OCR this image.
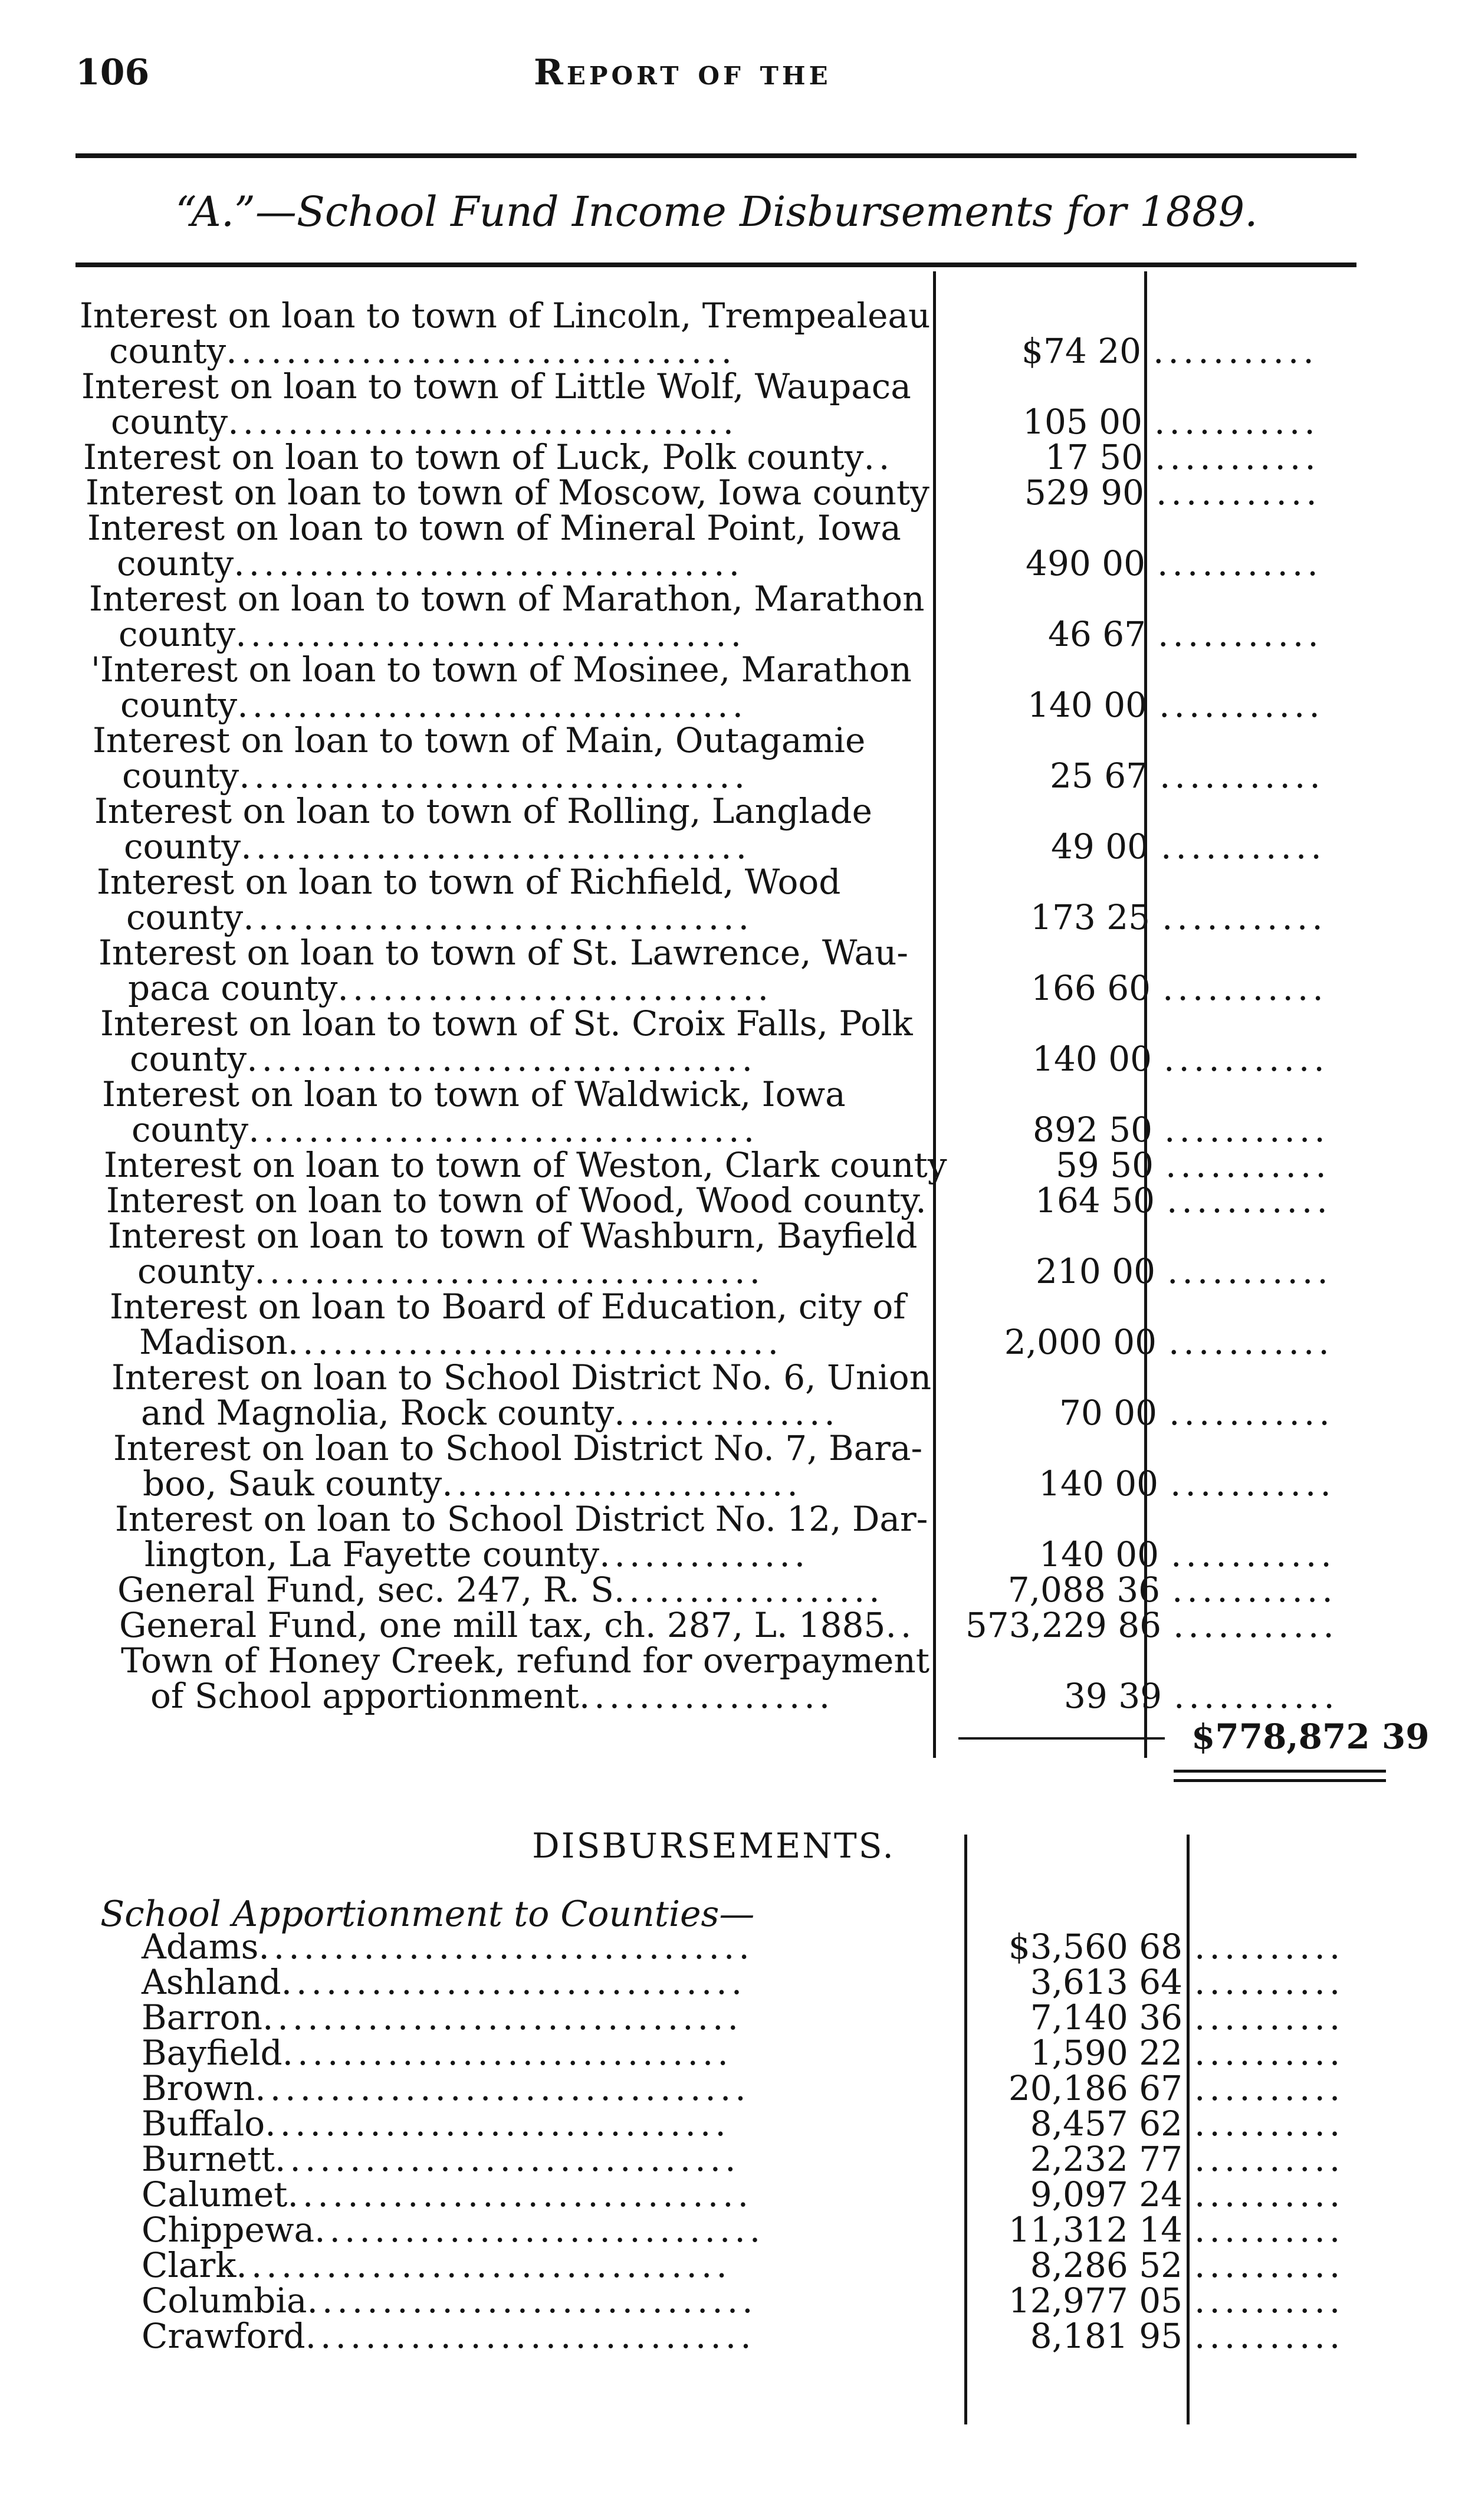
106	Report of the
“A.”—School Fund Income Disbursements for 1889.
Interest on loan to town of Lincoln, Trempealeau
county..................................	$74 20 ...........
Interest on loan to town of Little Wolf, Waupaca
county..................................	105 00 ...........
Interest on loan to town of Luck, Polk county..	17 50 ...........
Interest on loan to town of Moscow, Iowa county	529 90 ...........
Interest on loan to town of Mineral Point, Iowa
county..................................	490 00 ...........
Interest on loan to town of Marathon, Marathon
county..................................	46 67 ...........
'Interest on loan to town of Mosinee, Marathon
county..................................	140 00 ...........
Interest on loan to town of Main, Outagamie
county..................................	25 67 ...........
Interest on loan to town of Rolling, Langlade
county..................................	49 00 ...........
Interest on loan to town of Richfield, Wood
county..................................	173 25 ...........
Interest on loan to town of St. Lawrence, Wau-
paca county.............................	166 60 ...........
Interest on loan to town of St. Croix Falls, Polk
county..................................	140 00 ...........
Interest on loan to town of Waldwick, Iowa
county..................................	892 50 ...........
Interest on loan to town of Weston, Clark county	59 50 ...........
Interest on loan to town of Wood, Wood county.	164 50 ...........
Interest on loan to town of Washburn, Bayfield
county..................................	210 00 ...........
Interest on loan to Board of Education, city of
Madison.................................	2,000 00 ...........
Interest on loan to School District No. 6, Union
and Magnolia, Rock county...............	70 00 ...........
Interest on loan to School District No. 7, Bara-
boo, Sauk county........................	140 00 ...........
Interest on loan to School District No. 12, Dar-
lington, La Fayette county..............	140 00 ...........
General Fund, sec. 247, R. S..................	7,088 36 ...........
General Fund, one mill tax, ch. 287, L. 1885.. 573,229 86 ...........
Town of Honey Creek, refund for overpayment
of School apportionment.................	39 39 ...........
$778,872 39
DISBURSEMENTS.
School Apportionment to Counties—
Adams.................................	$3,560 68 ..........
Ashland...............................	3,613 64 ..........
Barron................................	7,140 36 ..........
Bayfield..............................	1,590 22 ..........
Brown.................................	20,186 67 ..........
Buffalo...............................	8,457 62 ..........
Burnett...............................	2,232 77 ..........
Calumet...............................	9,097 24 ..........
Chippewa..............................	11,312 14 ..........
Clark.................................	8,286 52 ..........
Columbia..............................	12,977 05 ..........
Crawford..............................	8,181 95 ..........
